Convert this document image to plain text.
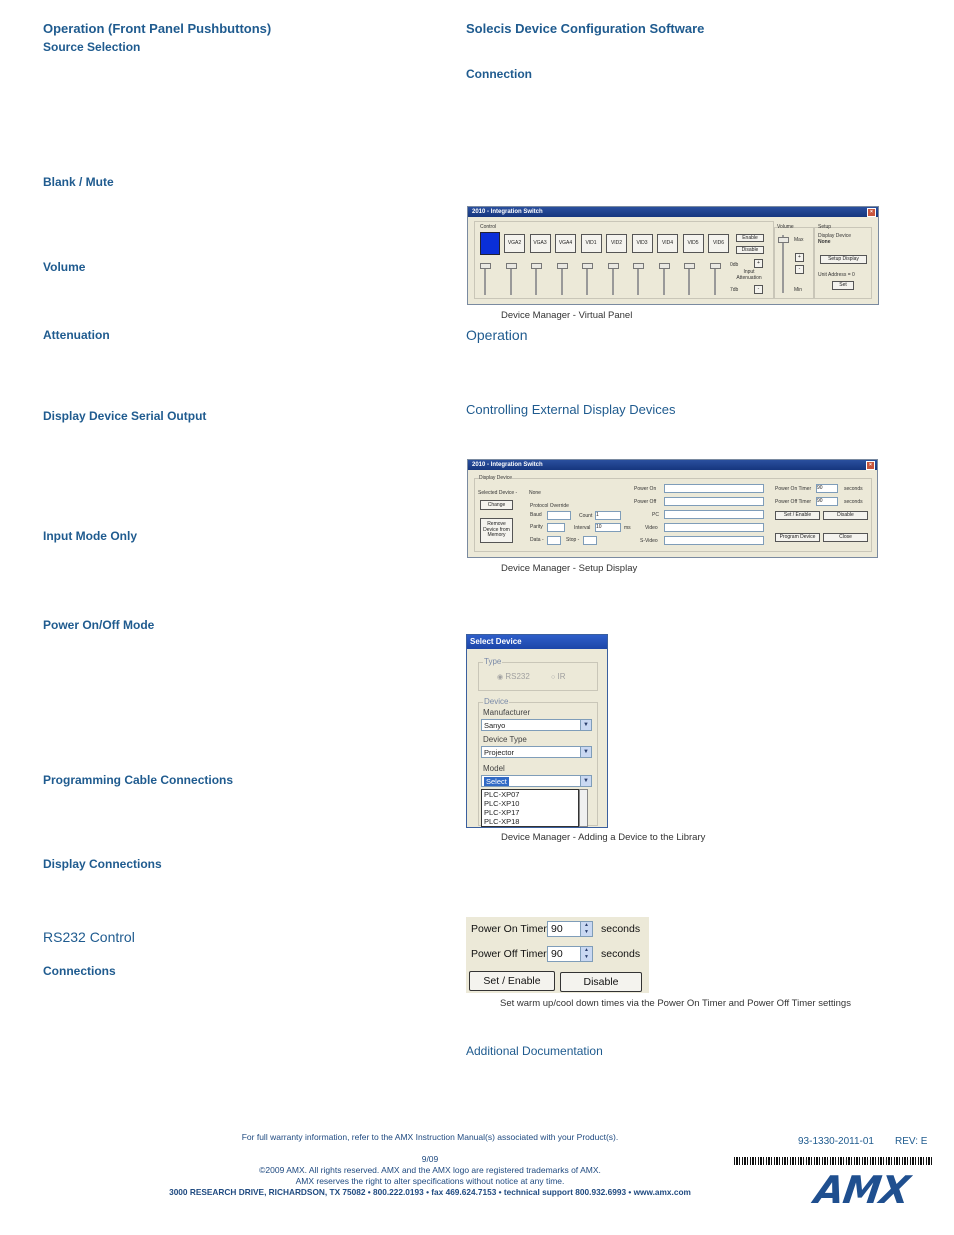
Operation (Front Panel Pushbuttons)
Source Selection
Blank / Mute
Volume
Attenuation
Display Device Serial Output
Input Mode Only
Power On/Off Mode
Programming Cable Connections
Display Connections
RS232 Control
Connections
Solecis Device Configuration Software
Connection
Operation
Controlling External Display Devices
Additional Documentation
2010 - Integration Switch	×
Control
VGA2	VGA3	VGA4	VID1	VID2	VID3	VID4	VID5	VID6
Enable
Disable
0db	+
Input Attenuation
7db	-
Volume
Max
Min
+
-
Setup
Display Device
None
Setup Display
Unit Address = 0
Set
Device Manager - Virtual Panel
2010 - Integration Switch	×
Display Device
Selected Device - None
Change	Protocol Override
Remove Device from Memory
Baud
Parity
Data -	Stop -
Count 1
Interval 10	ms
Power On
Power Off
PC
Video
S-Video
Power On Timer 90	seconds
Power Off Timer 90	seconds
Set / Enable	Disable
Program Device	Close
Device Manager - Setup Display
Select Device
Type
◉ RS232	○ IR
Device
Manufacturer
Sanyo	▼
Device Type
Projector	▼
Model
Select	▼
PLC-XP07
PLC-XP10
PLC-XP17
PLC-XP18
Device Manager - Adding a Device to the Library
Power On Timer 90	▲
▼ seconds
Power Off Timer 90	▲
▼ seconds
Set / Enable	Disable
Set warm up/cool down times via the Power On Timer and Power Off Timer settings
For full warranty information, refer to the AMX Instruction Manual(s) associated with your Product(s).
9/09
©2009 AMX. All rights reserved. AMX and the AMX logo are registered trademarks of AMX.
AMX reserves the right to alter specifications without notice at any time.
3000 RESEARCH DRIVE, RICHARDSON, TX 75082 • 800.222.0193 • fax 469.624.7153 • technical support 800.932.6993 • www.amx.com
93-1330-2011-01 REV: E
AMX
